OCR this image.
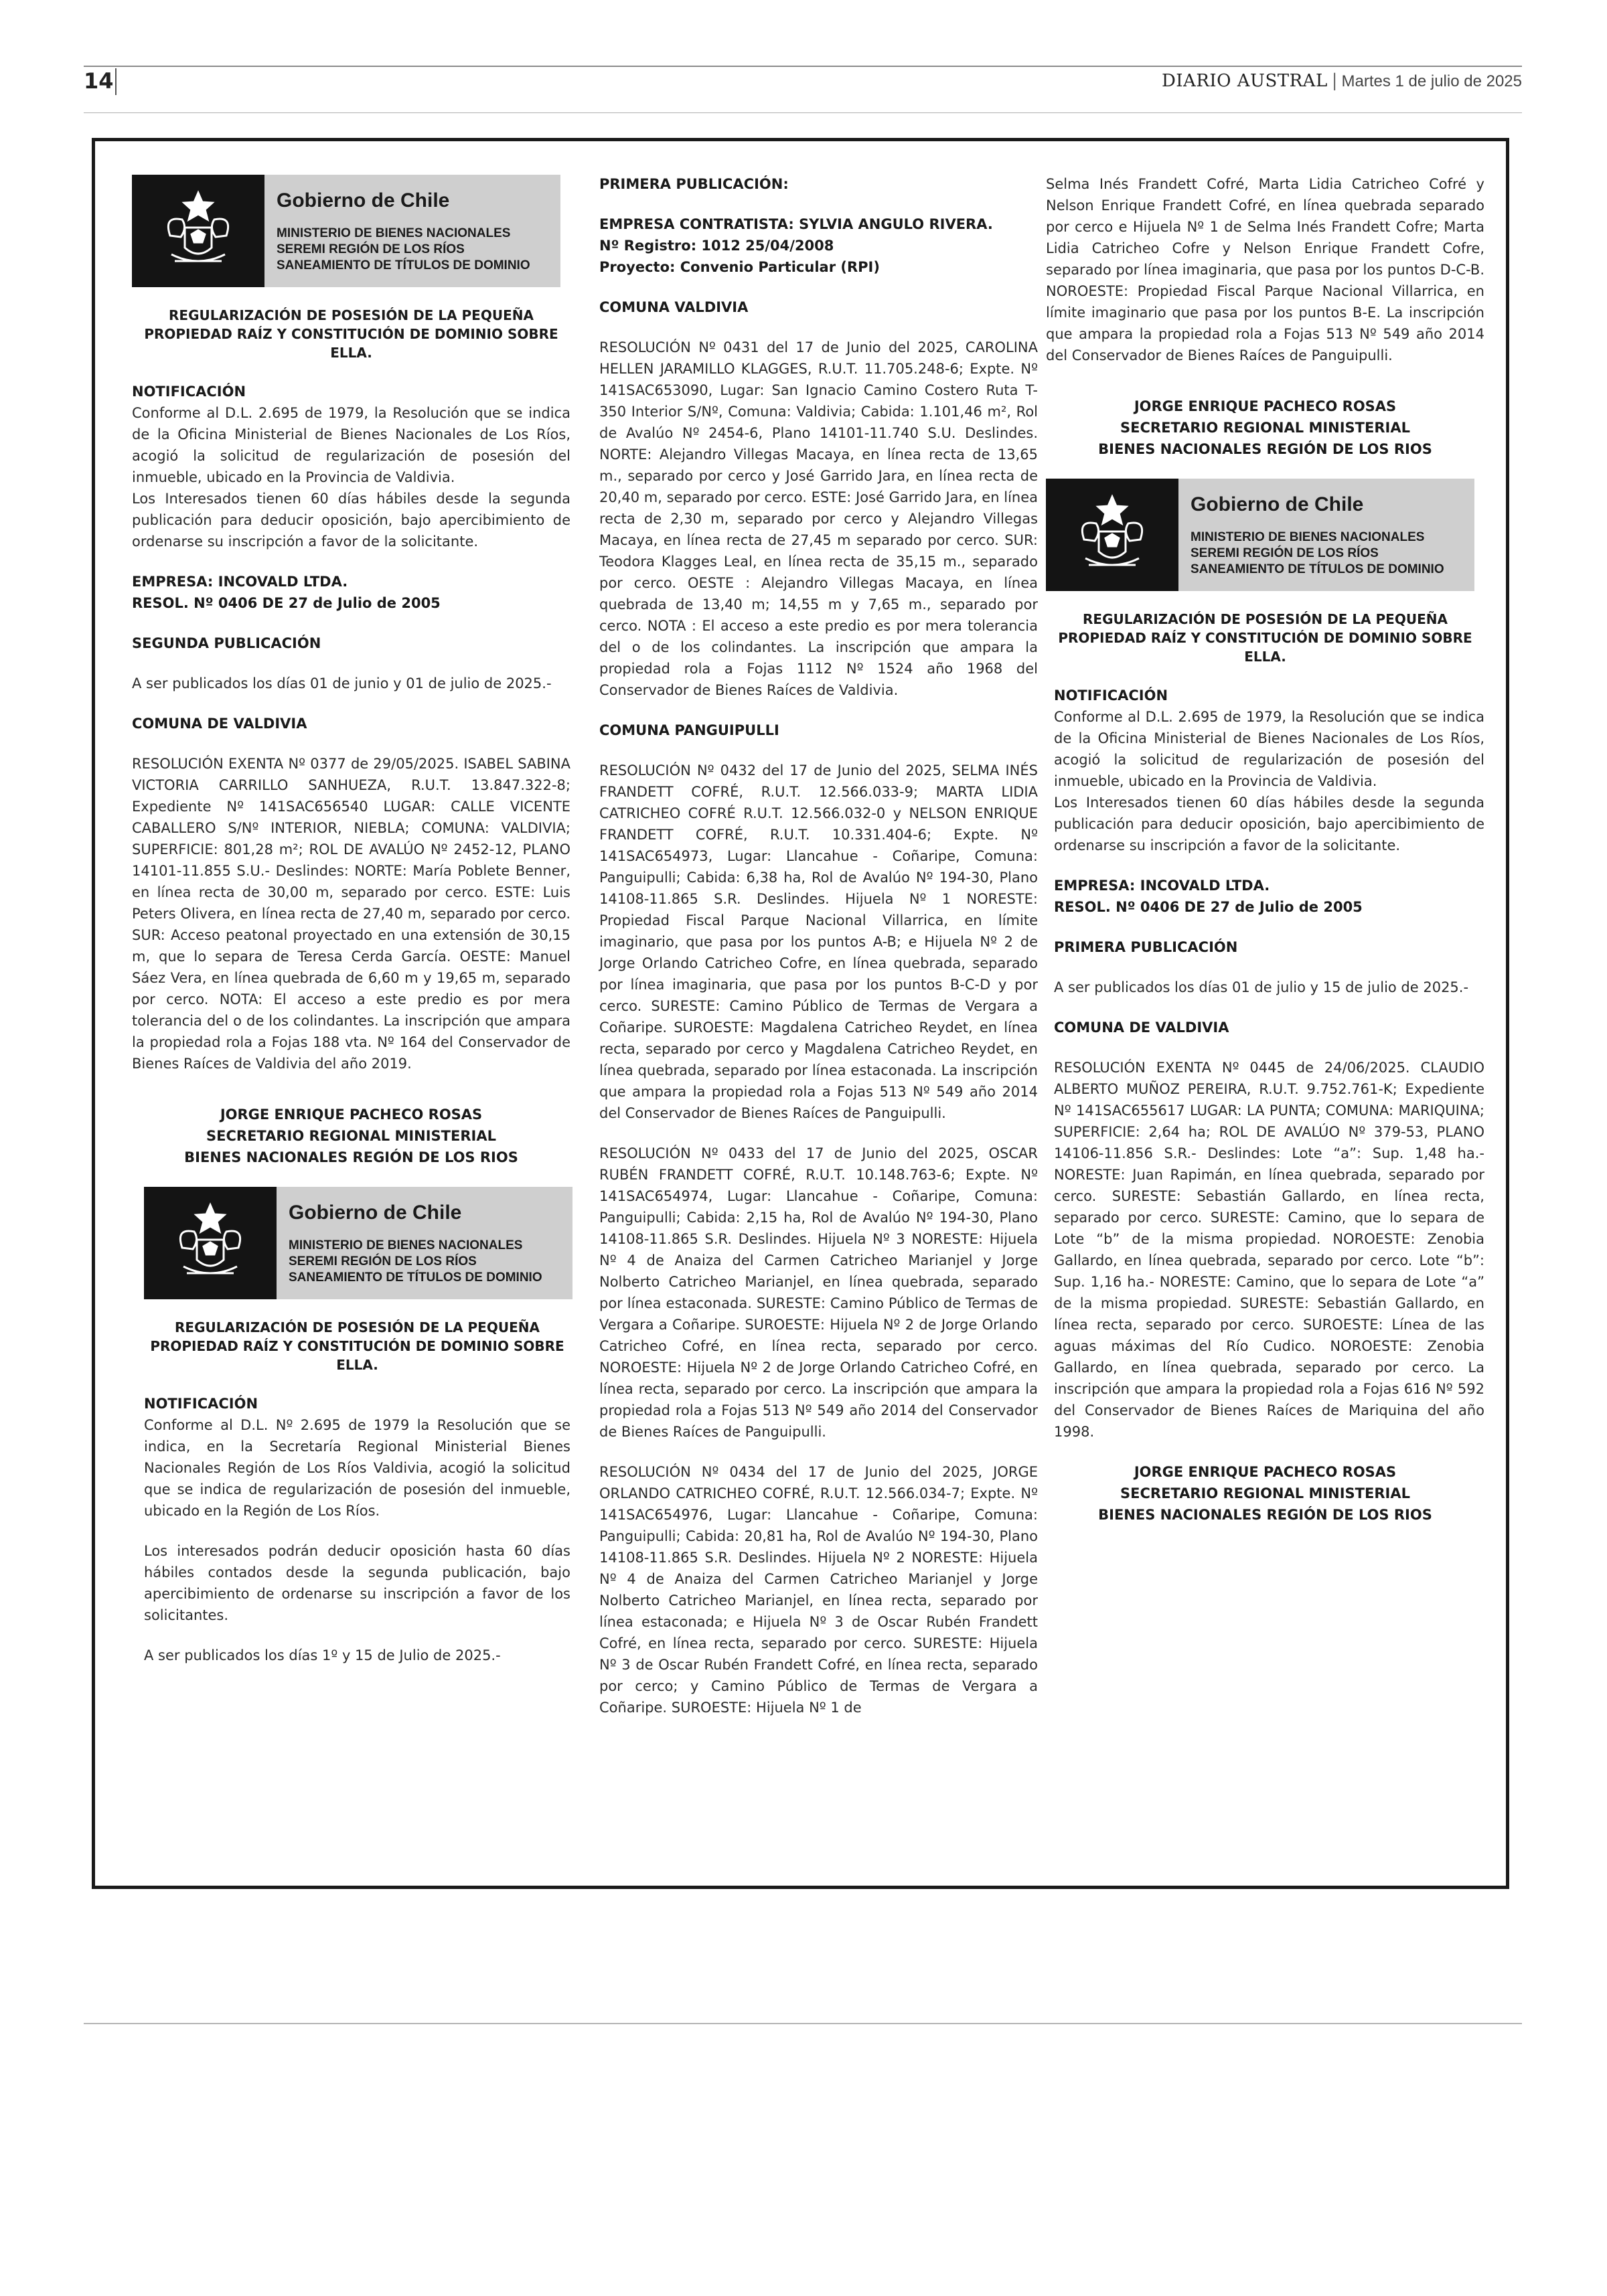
14	DIARIO AUSTRAL | Martes 1 de julio de 2025
Gobierno de Chile
MINISTERIO DE BIENES NACIONALES
SEREMI REGIÓN DE LOS RÍOS
SANEAMIENTO DE TÍTULOS DE DOMINIO

REGULARIZACIÓN DE POSESIÓN DE LA PEQUEÑA

PROPIEDAD RAÍZ Y CONSTITUCIÓN DE DOMINIO SOBRE ELLA.

NOTIFICACIÓN

Conforme al D.L. 2.695 de 1979, la Resolución que se indica de la Oficina Ministerial de Bienes Nacionales de Los Ríos, acogió la solicitud de regularización de posesión del inmueble, ubicado en la Provincia de Valdivia.

Los Interesados tienen 60 días hábiles desde la segunda publicación para deducir oposición, bajo apercibimiento de ordenarse su inscripción a favor de la solicitante.

EMPRESA: INCOVALD LTDA.

RESOL. Nº 0406 DE 27 de Julio de 2005

SEGUNDA PUBLICACIÓN

A ser publicados los días 01 de junio y 01 de julio de 2025.-

COMUNA DE VALDIVIA

RESOLUCIÓN EXENTA Nº 0377 de 29/05/2025. ISABEL SABINA VICTORIA CARRILLO SANHUEZA, R.U.T. 13.847.322-8; Expediente Nº 141SAC656540 LUGAR: CALLE VICENTE CABALLERO S/Nº INTERIOR, NIEBLA; COMUNA: VALDIVIA; SUPERFICIE: 801,28 m²; ROL DE AVALÚO Nº 2452-12, PLANO 14101-11.855 S.U.- Deslindes: NORTE: María Poblete Benner, en línea recta de 30,00 m, separado por cerco. ESTE: Luis Peters Olivera, en línea recta de 27,40 m, separado por cerco. SUR: Acceso peatonal proyectado en una extensión de 30,15 m, que lo separa de Teresa Cerda García. OESTE: Manuel Sáez Vera, en línea quebrada de 6,60 m y 19,65 m, separado por cerco. NOTA: El acceso a este predio es por mera tolerancia del o de los colindantes. La inscripción que ampara la propiedad rola a Fojas 188 vta. Nº 164 del Conservador de Bienes Raíces de Valdivia del año 2019.

JORGE ENRIQUE PACHECO ROSAS

SECRETARIO REGIONAL MINISTERIAL

BIENES NACIONALES REGIÓN DE LOS RIOS

Gobierno de Chile
MINISTERIO DE BIENES NACIONALES
SEREMI REGIÓN DE LOS RÍOS
SANEAMIENTO DE TÍTULOS DE DOMINIO

REGULARIZACIÓN DE POSESIÓN DE LA PEQUEÑA

PROPIEDAD RAÍZ Y CONSTITUCIÓN DE DOMINIO SOBRE ELLA.

NOTIFICACIÓN

Conforme al D.L. Nº 2.695 de 1979 la Resolución que se indica, en la Secretaría Regional Ministerial Bienes Nacionales Región de Los Ríos Valdivia, acogió la solicitud que se indica de regularización de posesión del inmueble, ubicado en la Región de Los Ríos.

Los interesados podrán deducir oposición hasta 60 días hábiles contados desde la segunda publicación, bajo apercibimiento de ordenarse su inscripción a favor de los solicitantes.

A ser publicados los días 1º y 15 de Julio de 2025.-

PRIMERA PUBLICACIÓN:

EMPRESA CONTRATISTA: SYLVIA ANGULO RIVERA.

Nº Registro: 1012 25/04/2008

Proyecto: Convenio Particular (RPI)

COMUNA VALDIVIA

RESOLUCIÓN Nº 0431 del 17 de Junio del 2025, CAROLINA HELLEN JARAMILLO KLAGGES, R.U.T. 11.705.248-6; Expte. Nº 141SAC653090, Lugar: San Ignacio Camino Costero Ruta T-350 Interior S/Nº, Comuna: Valdivia; Cabida: 1.101,46 m², Rol de Avalúo Nº 2454-6, Plano 14101-11.740 S.U. Deslindes. NORTE: Alejandro Villegas Macaya, en línea recta de 13,65 m., separado por cerco y José Garrido Jara, en línea recta de 20,40 m, separado por cerco. ESTE: José Garrido Jara, en línea recta de 2,30 m, separado por cerco y Alejandro Villegas Macaya, en línea recta de 27,45 m separado por cerco. SUR: Teodora Klagges Leal, en línea recta de 35,15 m., separado por cerco. OESTE : Alejandro Villegas Macaya, en línea quebrada de 13,40 m; 14,55 m y 7,65 m., separado por cerco. NOTA : El acceso a este predio es por mera tolerancia del o de los colindantes. La inscripción que ampara la propiedad rola a Fojas 1112 Nº 1524 año 1968 del Conservador de Bienes Raíces de Valdivia.

COMUNA PANGUIPULLI

RESOLUCIÓN Nº 0432 del 17 de Junio del 2025, SELMA INÉS FRANDETT COFRÉ, R.U.T. 12.566.033-9; MARTA LIDIA CATRICHEO COFRÉ R.U.T. 12.566.032-0 y NELSON ENRIQUE FRANDETT COFRÉ, R.U.T. 10.331.404-6; Expte. Nº 141SAC654973, Lugar: Llancahue - Coñaripe, Comuna: Panguipulli; Cabida: 6,38 ha, Rol de Avalúo Nº 194-30, Plano 14108-11.865 S.R. Deslindes. Hijuela Nº 1 NORESTE: Propiedad Fiscal Parque Nacional Villarrica, en límite imaginario, que pasa por los puntos A-B; e Hijuela Nº 2 de Jorge Orlando Catricheo Cofre, en línea quebrada, separado por línea imaginaria, que pasa por los puntos B-C-D y por cerco. SURESTE: Camino Público de Termas de Vergara a Coñaripe. SUROESTE: Magdalena Catricheo Reydet, en línea recta, separado por cerco y Magdalena Catricheo Reydet, en línea quebrada, separado por línea estaconada. La inscripción que ampara la propiedad rola a Fojas 513 Nº 549 año 2014 del Conservador de Bienes Raíces de Panguipulli.

RESOLUCIÓN Nº 0433 del 17 de Junio del 2025, OSCAR RUBÉN FRANDETT COFRÉ, R.U.T. 10.148.763-6; Expte. Nº 141SAC654974, Lugar: Llancahue - Coñaripe, Comuna: Panguipulli; Cabida: 2,15 ha, Rol de Avalúo Nº 194-30, Plano 14108-11.865 S.R. Deslindes. Hijuela Nº 3 NORESTE: Hijuela Nº 4 de Anaiza del Carmen Catricheo Marianjel y Jorge Nolberto Catricheo Marianjel, en línea quebrada, separado por línea estaconada. SURESTE: Camino Público de Termas de Vergara a Coñaripe. SUROESTE: Hijuela Nº 2 de Jorge Orlando Catricheo Cofré, en línea recta, separado por cerco. NOROESTE: Hijuela Nº 2 de Jorge Orlando Catricheo Cofré, en línea recta, separado por cerco. La inscripción que ampara la propiedad rola a Fojas 513 Nº 549 año 2014 del Conservador de Bienes Raíces de Panguipulli.

RESOLUCIÓN Nº 0434 del 17 de Junio del 2025, JORGE ORLANDO CATRICHEO COFRÉ, R.U.T. 12.566.034-7; Expte. Nº 141SAC654976, Lugar: Llancahue - Coñaripe, Comuna: Panguipulli; Cabida: 20,81 ha, Rol de Avalúo Nº 194-30, Plano 14108-11.865 S.R. Deslindes. Hijuela Nº 2 NORESTE: Hijuela Nº 4 de Anaiza del Carmen Catricheo Marianjel y Jorge Nolberto Catricheo Marianjel, en línea recta, separado por línea estaconada; e Hijuela Nº 3 de Oscar Rubén Frandett Cofré, en línea recta, separado por cerco. SURESTE: Hijuela Nº 3 de Oscar Rubén Frandett Cofré, en línea recta, separado por cerco; y Camino Público de Termas de Vergara a Coñaripe. SUROESTE: Hijuela Nº 1 de

Selma Inés Frandett Cofré, Marta Lidia Catricheo Cofré y Nelson Enrique Frandett Cofré, en línea quebrada separado por cerco e Hijuela Nº 1 de Selma Inés Frandett Cofre; Marta Lidia Catricheo Cofre y Nelson Enrique Frandett Cofre, separado por línea imaginaria, que pasa por los puntos D-C-B. NOROESTE: Propiedad Fiscal Parque Nacional Villarrica, en límite imaginario que pasa por los puntos B-E. La inscripción que ampara la propiedad rola a Fojas 513 Nº 549 año 2014 del Conservador de Bienes Raíces de Panguipulli.

JORGE ENRIQUE PACHECO ROSAS

SECRETARIO REGIONAL MINISTERIAL

BIENES NACIONALES REGIÓN DE LOS RIOS

Gobierno de Chile
MINISTERIO DE BIENES NACIONALES
SEREMI REGIÓN DE LOS RÍOS
SANEAMIENTO DE TÍTULOS DE DOMINIO

REGULARIZACIÓN DE POSESIÓN DE LA PEQUEÑA

PROPIEDAD RAÍZ Y CONSTITUCIÓN DE DOMINIO SOBRE ELLA.

NOTIFICACIÓN

Conforme al D.L. 2.695 de 1979, la Resolución que se indica de la Oficina Ministerial de Bienes Nacionales de Los Ríos, acogió la solicitud de regularización de posesión del inmueble, ubicado en la Provincia de Valdivia.

Los Interesados tienen 60 días hábiles desde la segunda publicación para deducir oposición, bajo apercibimiento de ordenarse su inscripción a favor de la solicitante.

EMPRESA: INCOVALD LTDA.

RESOL. Nº 0406 DE 27 de Julio de 2005

PRIMERA PUBLICACIÓN

A ser publicados los días 01 de julio y 15 de julio de 2025.-

COMUNA DE VALDIVIA

RESOLUCIÓN EXENTA Nº 0445 de 24/06/2025. CLAUDIO ALBERTO MUÑOZ PEREIRA, R.U.T. 9.752.761-K; Expediente Nº 141SAC655617 LUGAR: LA PUNTA; COMUNA: MARIQUINA; SUPERFICIE: 2,64 ha; ROL DE AVALÚO Nº 379-53, PLANO 14106-11.856 S.R.- Deslindes: Lote “a”: Sup. 1,48 ha.- NORESTE: Juan Rapimán, en línea quebrada, separado por cerco. SURESTE: Sebastián Gallardo, en línea recta, separado por cerco. SURESTE: Camino, que lo separa de Lote “b” de la misma propiedad. NOROESTE: Zenobia Gallardo, en línea quebrada, separado por cerco. Lote “b”: Sup. 1,16 ha.- NORESTE: Camino, que lo separa de Lote “a” de la misma propiedad. SURESTE: Sebastián Gallardo, en línea recta, separado por cerco. SUROESTE: Línea de las aguas máximas del Río Cudico. NOROESTE: Zenobia Gallardo, en línea quebrada, separado por cerco. La inscripción que ampara la propiedad rola a Fojas 616 Nº 592 del Conservador de Bienes Raíces de Mariquina del año 1998.

JORGE ENRIQUE PACHECO ROSAS

SECRETARIO REGIONAL MINISTERIAL

BIENES NACIONALES REGIÓN DE LOS RIOS
